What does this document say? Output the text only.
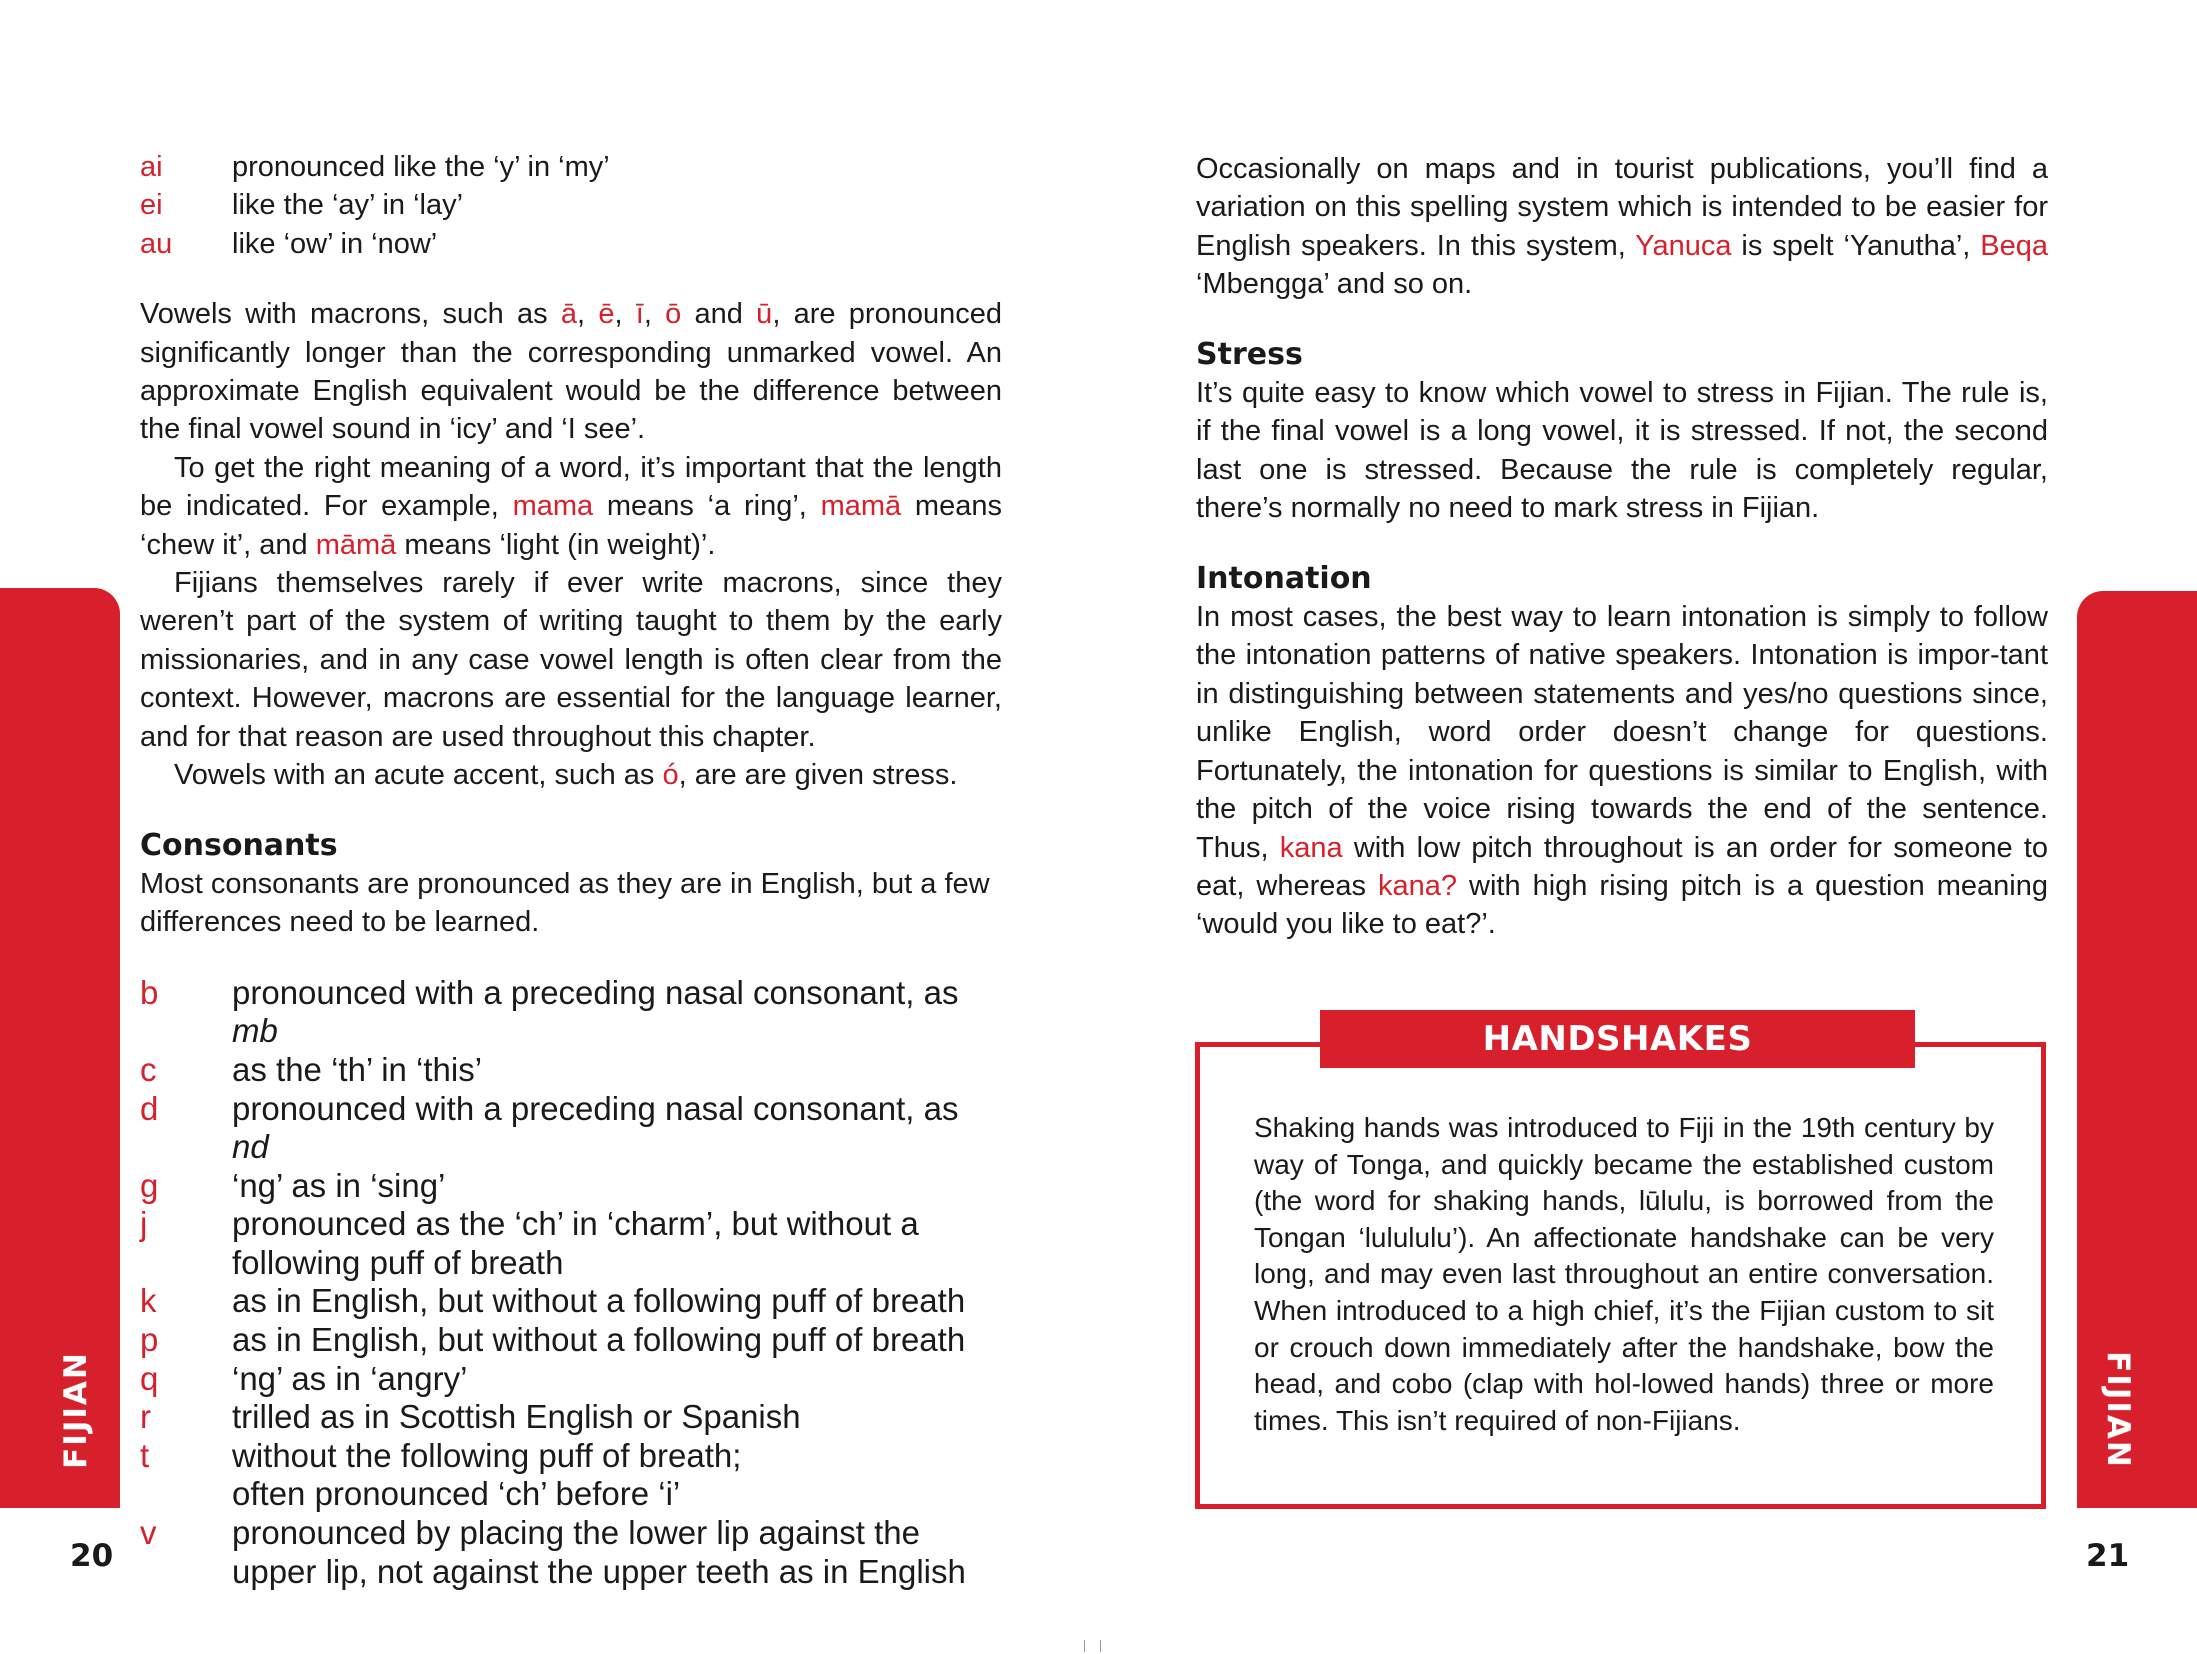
FIJIAN	FIJIAN
20	21
ai	pronounced like the ‘y’ in ‘my’
ei	like the ‘ay’ in ‘lay’
au	like ‘ow’ in ‘now’

Vowels with macrons, such as ā, ē, ī, ō and ū, are pronounced significantly longer than the corresponding unmarked vowel. An approximate English equivalent would be the difference between the final vowel sound in ‘icy’ and ‘I see’.

To get the right meaning of a word, it’s important that the length be indicated. For example, mama means ‘a ring’, mamā means ‘chew it’, and māmā means ‘light (in weight)’.

Fijians themselves rarely if ever write macrons, since they weren’t part of the system of writing taught to them by the early missionaries, and in any case vowel length is often clear from the context. However, macrons are essential for the language learner, and for that reason are used throughout this chapter.

Vowels with an acute accent, such as ó, are are given stress.

Consonants

Most consonants are pronounced as they are in English, but a few differences need to be learned.

b	pronounced with a preceding nasal consonant, as mb
c	as the ‘th’ in ‘this’
d	pronounced with a preceding nasal consonant, as nd
g	‘ng’ as in ‘sing’
j	pronounced as the ‘ch’ in ‘charm’, but without a following puff of breath
k	as in English, but without a following puff of breath
p	as in English, but without a following puff of breath
q	‘ng’ as in ‘angry’
r	trilled as in Scottish English or Spanish
t	without the following puff of breath;
often pronounced ‘ch’ before ‘i’
v	pronounced by placing the lower lip against the upper lip, not against the upper teeth as in English

Occasionally on maps and in tourist publications, you’ll find a variation on this spelling system which is intended to be easier for English speakers. In this system, Yanuca is spelt ‘Yanutha’, Beqa ‘Mbengga’ and so on.

Stress

It’s quite easy to know which vowel to stress in Fijian. The rule is, if the final vowel is a long vowel, it is stressed. If not, the second last one is stressed. Because the rule is completely regular, there’s normally no need to mark stress in Fijian.

Intonation

In most cases, the best way to learn intonation is simply to follow the intonation patterns of native speakers. Intonation is impor-tant in distinguishing between statements and yes/no questions since, unlike English, word order doesn’t change for questions. Fortunately, the intonation for questions is similar to English, with the pitch of the voice rising towards the end of the sentence. Thus, kana with low pitch throughout is an order for someone to eat, whereas kana? with high rising pitch is a question meaning ‘would you like to eat?’.

HANDSHAKES
Shaking hands was introduced to Fiji in the 19th century by way of Tonga, and quickly became the established custom (the word for shaking hands, lūlulu, is borrowed from the Tongan ‘lulululu’). An affectionate handshake can be very long, and may even last throughout an entire conversation. When introduced to a high chief, it’s the Fijian custom to sit or crouch down immediately after the handshake, bow the head, and cobo (clap with hol-lowed hands) three or more times. This isn’t required of non-Fijians.
